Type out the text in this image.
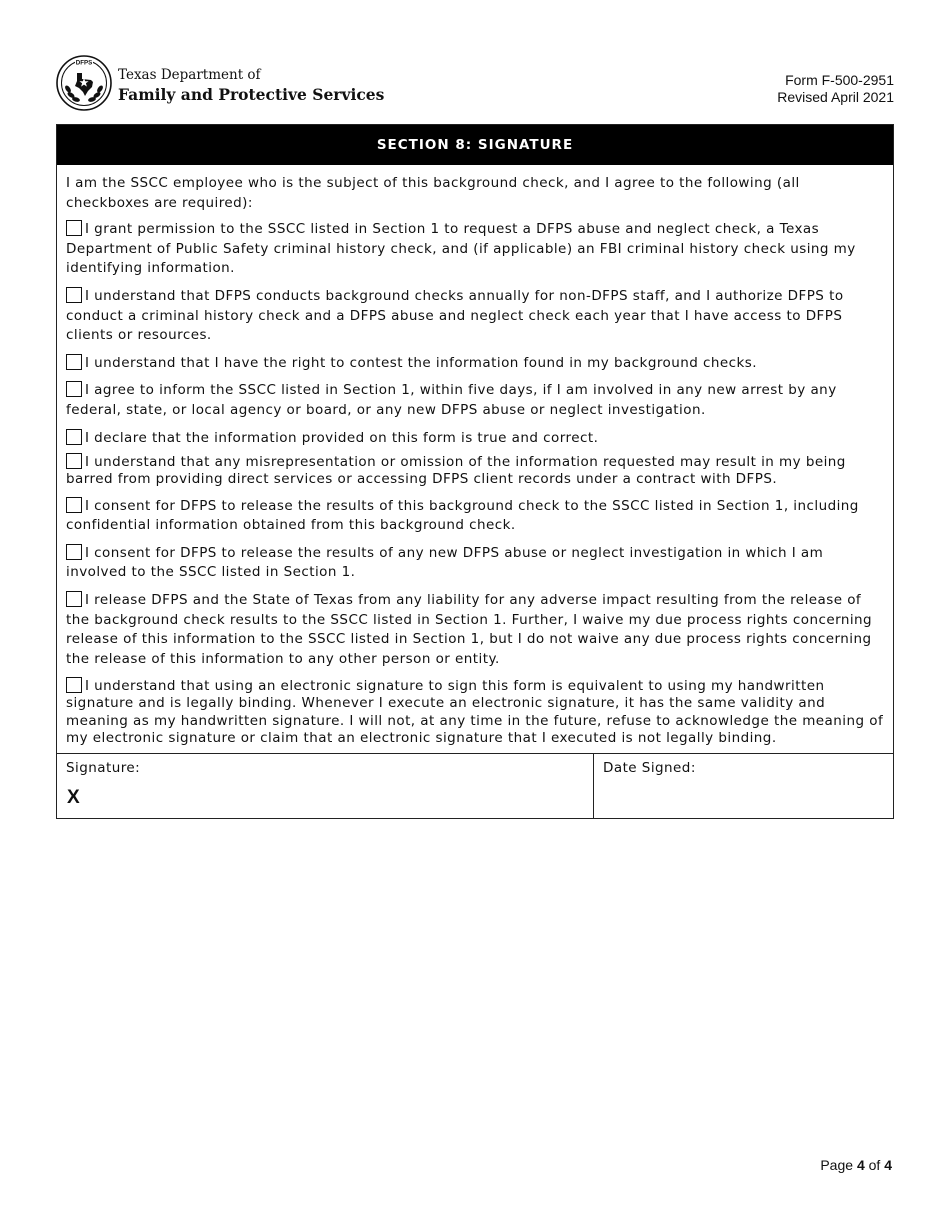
DFPS
Texas Department of
Family and Protective Services
Form F-500-2951
Revised April 2021
SECTION 8: SIGNATURE

I am the SSCC employee who is the subject of this background check, and I agree to the following (all checkboxes are required):

I grant permission to the SSCC listed in Section 1 to request a DFPS abuse and neglect check, a Texas Department of Public Safety criminal history check, and (if applicable) an FBI criminal history check using my identifying information.

I understand that DFPS conducts background checks annually for non-DFPS staff, and I authorize DFPS to conduct a criminal history check and a DFPS abuse and neglect check each year that I have access to DFPS clients or resources.

I understand that I have the right to contest the information found in my background checks.

I agree to inform the SSCC listed in Section 1, within five days, if I am involved in any new arrest by any federal, state, or local agency or board, or any new DFPS abuse or neglect investigation.

I declare that the information provided on this form is true and correct.

I understand that any misrepresentation or omission of the information requested may result in my being barred from providing direct services or accessing DFPS client records under a contract with DFPS.

I consent for DFPS to release the results of this background check to the SSCC listed in Section 1, including confidential information obtained from this background check.

I consent for DFPS to release the results of any new DFPS abuse or neglect investigation in which I am involved to the SSCC listed in Section 1.

I release DFPS and the State of Texas from any liability for any adverse impact resulting from the release of the background check results to the SSCC listed in Section 1. Further, I waive my due process rights concerning release of this information to the SSCC listed in Section 1, but I do not waive any due process rights concerning the release of this information to any other person or entity.

I understand that using an electronic signature to sign this form is equivalent to using my handwritten signature and is legally binding. Whenever I execute an electronic signature, it has the same validity and meaning as my handwritten signature. I will not, at any time in the future, refuse to acknowledge the meaning of my electronic signature or claim that an electronic signature that I executed is not legally binding.

Signature:
X
Date Signed:
Page 4 of 4
